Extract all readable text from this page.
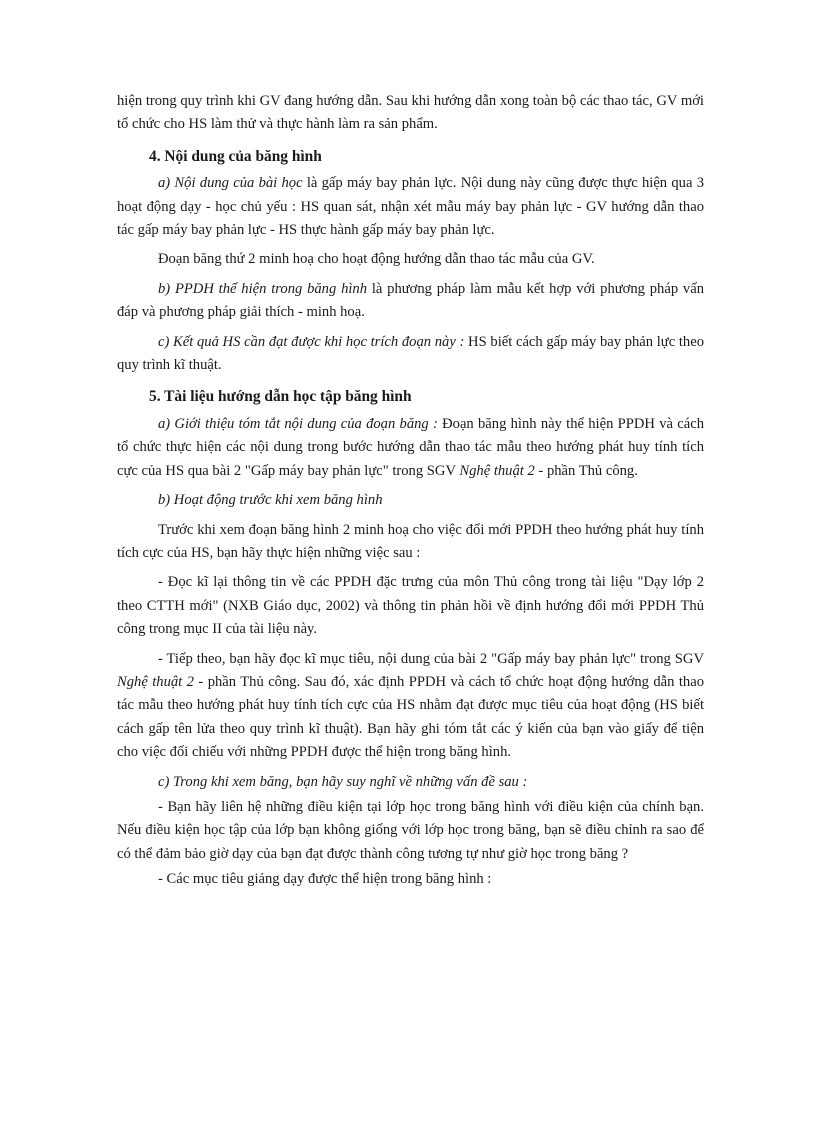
hiện trong quy trình khi GV đang hướng dẫn. Sau khi hướng dẫn xong toàn bộ các thao tác, GV mới tổ chức cho HS làm thử và thực hành làm ra sản phẩm.

4. Nội dung của băng hình

a) Nội dung của bài học là gấp máy bay phản lực. Nội dung này cũng được thực hiện qua 3 hoạt động dạy - học chủ yếu : HS quan sát, nhận xét mẫu máy bay phản lực - GV hướng dẫn thao tác gấp máy bay phản lực - HS thực hành gấp máy bay phản lực.

Đoạn băng thứ 2 minh hoạ cho hoạt động hướng dẫn thao tác mẫu của GV.

b) PPDH thể hiện trong băng hình là phương pháp làm mẫu kết hợp với phương pháp vấn đáp và phương pháp giải thích - minh hoạ.

c) Kết quả HS cần đạt được khi học trích đoạn này : HS biết cách gấp máy bay phản lực theo quy trình kĩ thuật.

5. Tài liệu hướng dẫn học tập băng hình

a) Giới thiệu tóm tắt nội dung của đoạn băng : Đoạn băng hình này thể hiện PPDH và cách tổ chức thực hiện các nội dung trong bước hướng dẫn thao tác mẫu theo hướng phát huy tính tích cực của HS qua bài 2 "Gấp máy bay phản lực" trong SGV Nghệ thuật 2 - phần Thủ công.

b) Hoạt động trước khi xem băng hình

Trước khi xem đoạn băng hình 2 minh hoạ cho việc đổi mới PPDH theo hướng phát huy tính tích cực của HS, bạn hãy thực hiện những việc sau :

- Đọc kĩ lại thông tin về các PPDH đặc trưng của môn Thủ công trong tài liệu "Dạy lớp 2 theo CTTH mới" (NXB Giáo dục, 2002) và thông tin phản hồi về định hướng đổi mới PPDH Thủ công trong mục II của tài liệu này.

- Tiếp theo, bạn hãy đọc kĩ mục tiêu, nội dung của bài 2 "Gấp máy bay phản lực" trong SGV Nghệ thuật 2 - phần Thủ công. Sau đó, xác định PPDH và cách tổ chức hoạt động hướng dẫn thao tác mẫu theo hướng phát huy tính tích cực của HS nhằm đạt được mục tiêu của hoạt động (HS biết cách gấp tên lửa theo quy trình kĩ thuật). Bạn hãy ghi tóm tắt các ý kiến của bạn vào giấy để tiện cho việc đối chiếu với những PPDH được thể hiện trong băng hình.

c) Trong khi xem băng, bạn hãy suy nghĩ về những vấn đề sau :

- Bạn hãy liên hệ những điều kiện tại lớp học trong băng hình với điều kiện của chính bạn. Nếu điều kiện học tập của lớp bạn không giống với lớp học trong băng, bạn sẽ điều chỉnh ra sao để có thể đảm bảo giờ dạy của bạn đạt được thành công tương tự như giờ học trong băng ?

- Các mục tiêu giảng dạy được thể hiện trong băng hình :
